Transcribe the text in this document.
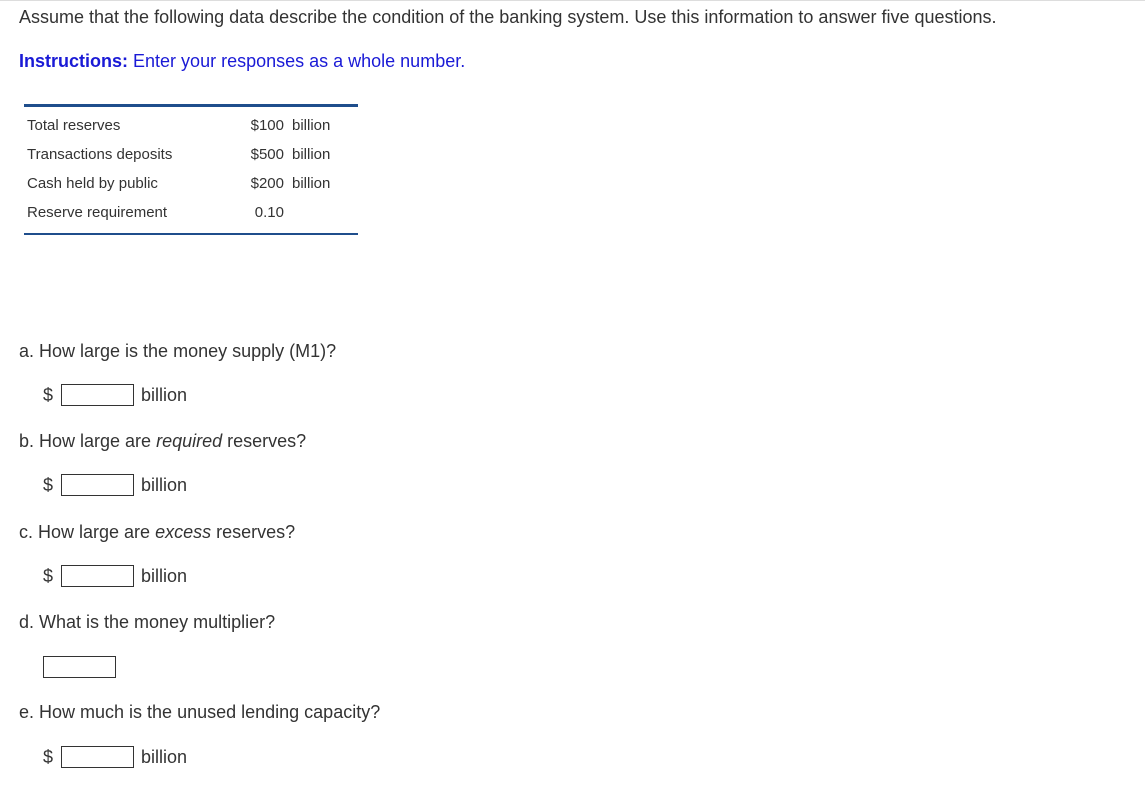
Assume that the following data describe the condition of the banking system. Use this information to answer five questions.
Instructions: Enter your responses as a whole number.
Total reserves	$100 billion
Transactions deposits	$500 billion
Cash held by public	$200 billion
Reserve requirement	0.10
a. How large is the money supply (M1)?
$	billion
b. How large are required reserves?
$	billion
c. How large are excess reserves?
$	billion
d. What is the money multiplier?
e. How much is the unused lending capacity?
$	billion
